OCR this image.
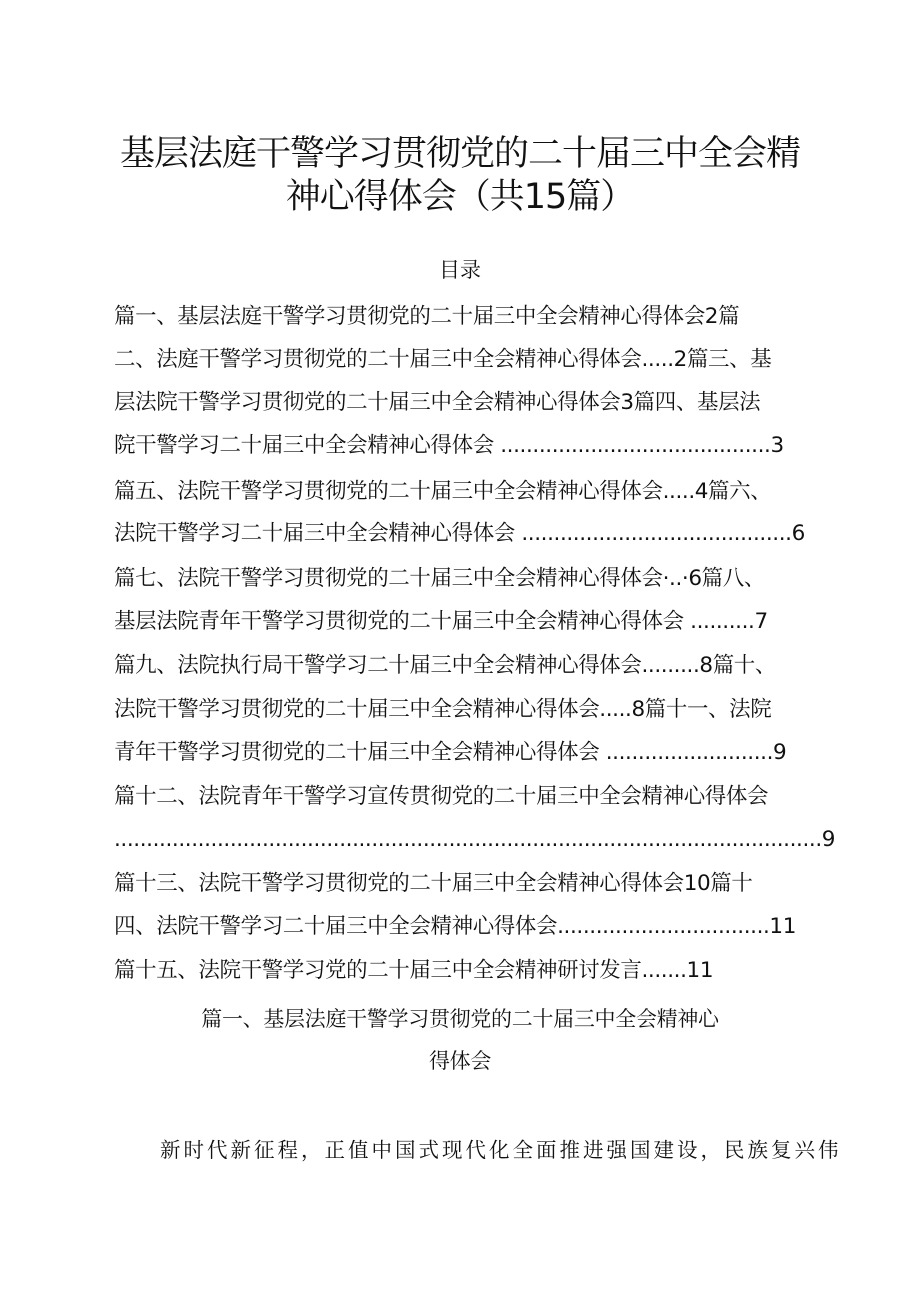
基层法庭干警学习贯彻党的二十届三中全会精
神心得体会（共15篇）
目录
篇一、基层法庭干警学习贯彻党的二十届三中全会精神心得体会2篇
二、法庭干警学习贯彻党的二十届三中全会精神心得体会.....2篇三、基
层法院干警学习贯彻党的二十届三中全会精神心得体会3篇四、基层法
院干警学习二十届三中全会精神心得体会 ..........................................3
篇五、法院干警学习贯彻党的二十届三中全会精神心得体会.....4篇六、
法院干警学习二十届三中全会精神心得体会 ..........................................6
篇七、法院干警学习贯彻党的二十届三中全会精神心得体会·..·6篇八、
基层法院青年干警学习贯彻党的二十届三中全会精神心得体会 ..........7
篇九、法院执行局干警学习二十届三中全会精神心得体会.........8篇十、
法院干警学习贯彻党的二十届三中全会精神心得体会.....8篇十一、法院
青年干警学习贯彻党的二十届三中全会精神心得体会 ..........................9
篇十二、法院青年干警学习宣传贯彻党的二十届三中全会精神心得体会
..............................................................................................................9
篇十三、法院干警学习贯彻党的二十届三中全会精神心得体会10篇十
四、法院干警学习二十届三中全会精神心得体会.................................11
篇十五、法院干警学习党的二十届三中全会精神研讨发言.......11
篇一、基层法庭干警学习贯彻党的二十届三中全会精神心
得体会
新时代新征程，正值中国式现代化全面推进强国建设，民族复兴伟
